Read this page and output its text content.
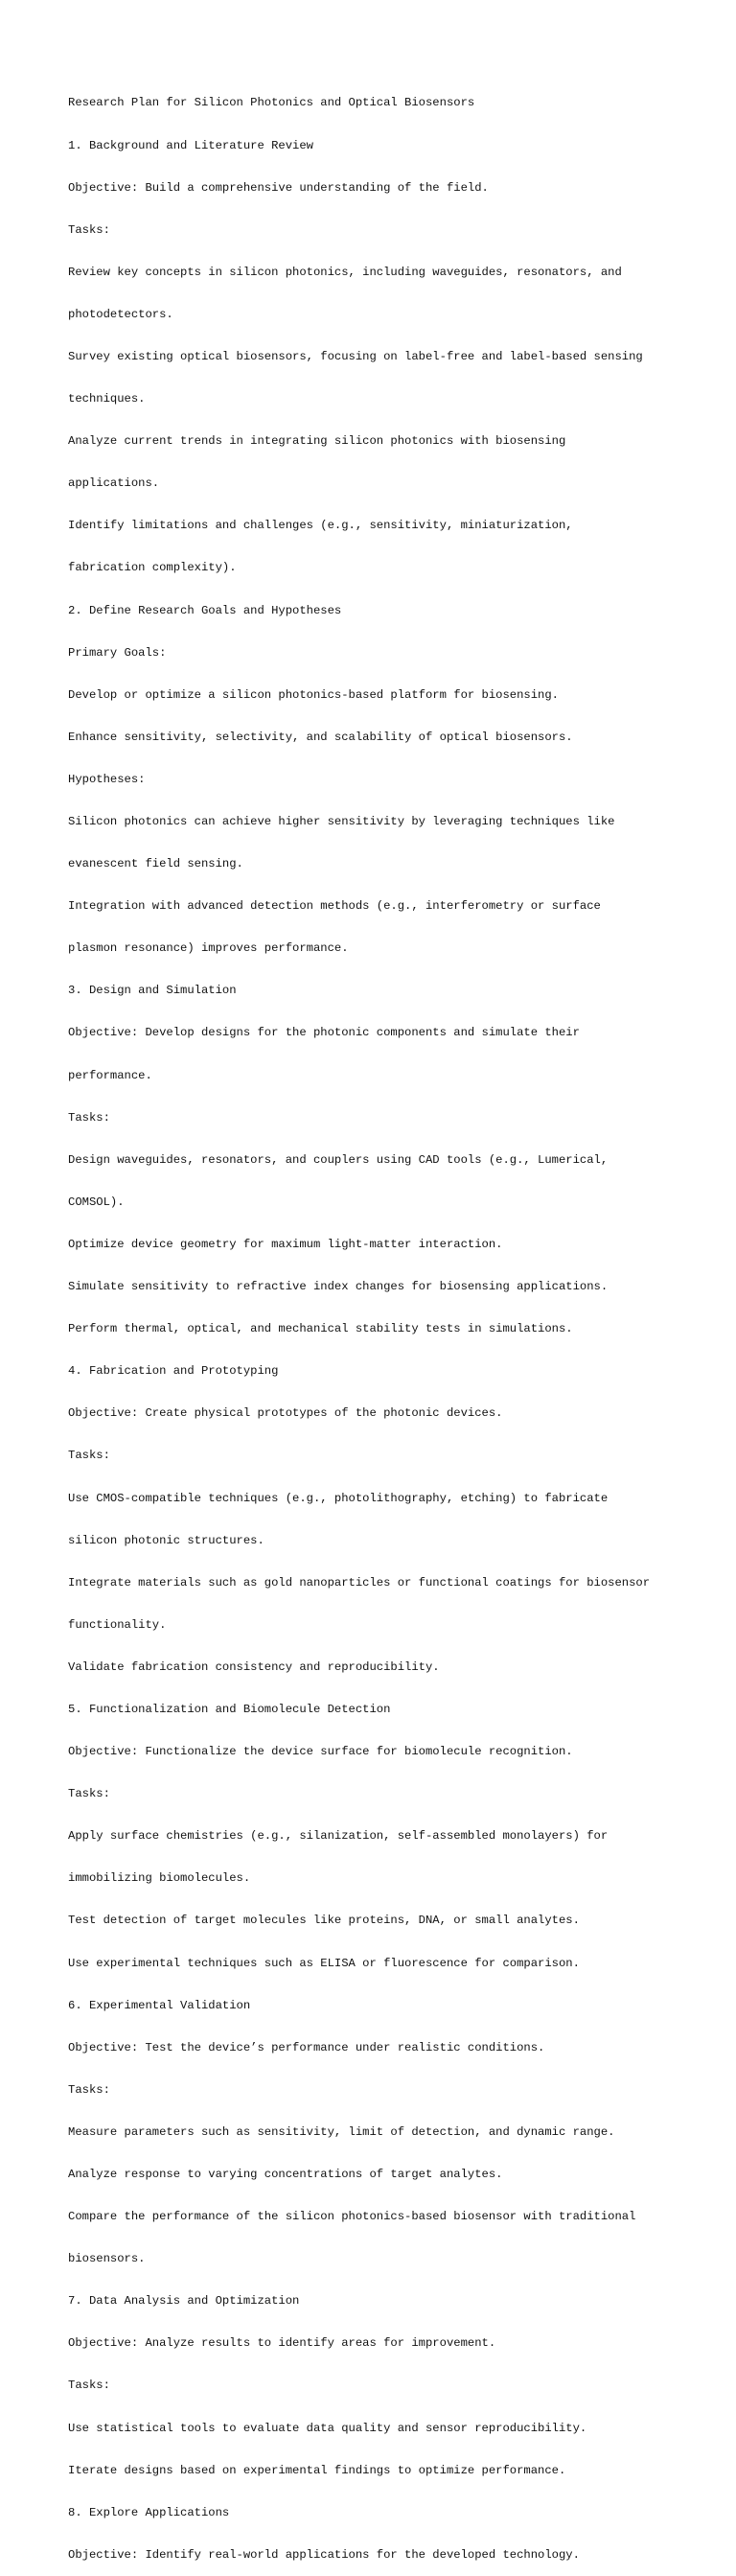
Research Plan for Silicon Photonics and Optical Biosensors

1. Background and Literature Review

Objective: Build a comprehensive understanding of the field.

Tasks:

Review key concepts in silicon photonics, including waveguides, resonators, and

photodetectors.

Survey existing optical biosensors, focusing on label-free and label-based sensing

techniques.

Analyze current trends in integrating silicon photonics with biosensing

applications.

Identify limitations and challenges (e.g., sensitivity, miniaturization,

fabrication complexity).

2. Define Research Goals and Hypotheses

Primary Goals:

Develop or optimize a silicon photonics-based platform for biosensing.

Enhance sensitivity, selectivity, and scalability of optical biosensors.

Hypotheses:

Silicon photonics can achieve higher sensitivity by leveraging techniques like

evanescent field sensing.

Integration with advanced detection methods (e.g., interferometry or surface

plasmon resonance) improves performance.

3. Design and Simulation

Objective: Develop designs for the photonic components and simulate their

performance.

Tasks:

Design waveguides, resonators, and couplers using CAD tools (e.g., Lumerical,

COMSOL).

Optimize device geometry for maximum light-matter interaction.

Simulate sensitivity to refractive index changes for biosensing applications.

Perform thermal, optical, and mechanical stability tests in simulations.

4. Fabrication and Prototyping

Objective: Create physical prototypes of the photonic devices.

Tasks:

Use CMOS-compatible techniques (e.g., photolithography, etching) to fabricate

silicon photonic structures.

Integrate materials such as gold nanoparticles or functional coatings for biosensor

functionality.

Validate fabrication consistency and reproducibility.

5. Functionalization and Biomolecule Detection

Objective: Functionalize the device surface for biomolecule recognition.

Tasks:

Apply surface chemistries (e.g., silanization, self-assembled monolayers) for

immobilizing biomolecules.

Test detection of target molecules like proteins, DNA, or small analytes.

Use experimental techniques such as ELISA or fluorescence for comparison.

6. Experimental Validation

Objective: Test the device’s performance under realistic conditions.

Tasks:

Measure parameters such as sensitivity, limit of detection, and dynamic range.

Analyze response to varying concentrations of target analytes.

Compare the performance of the silicon photonics-based biosensor with traditional

biosensors.

7. Data Analysis and Optimization

Objective: Analyze results to identify areas for improvement.

Tasks:

Use statistical tools to evaluate data quality and sensor reproducibility.

Iterate designs based on experimental findings to optimize performance.

8. Explore Applications

Objective: Identify real-world applications for the developed technology.
